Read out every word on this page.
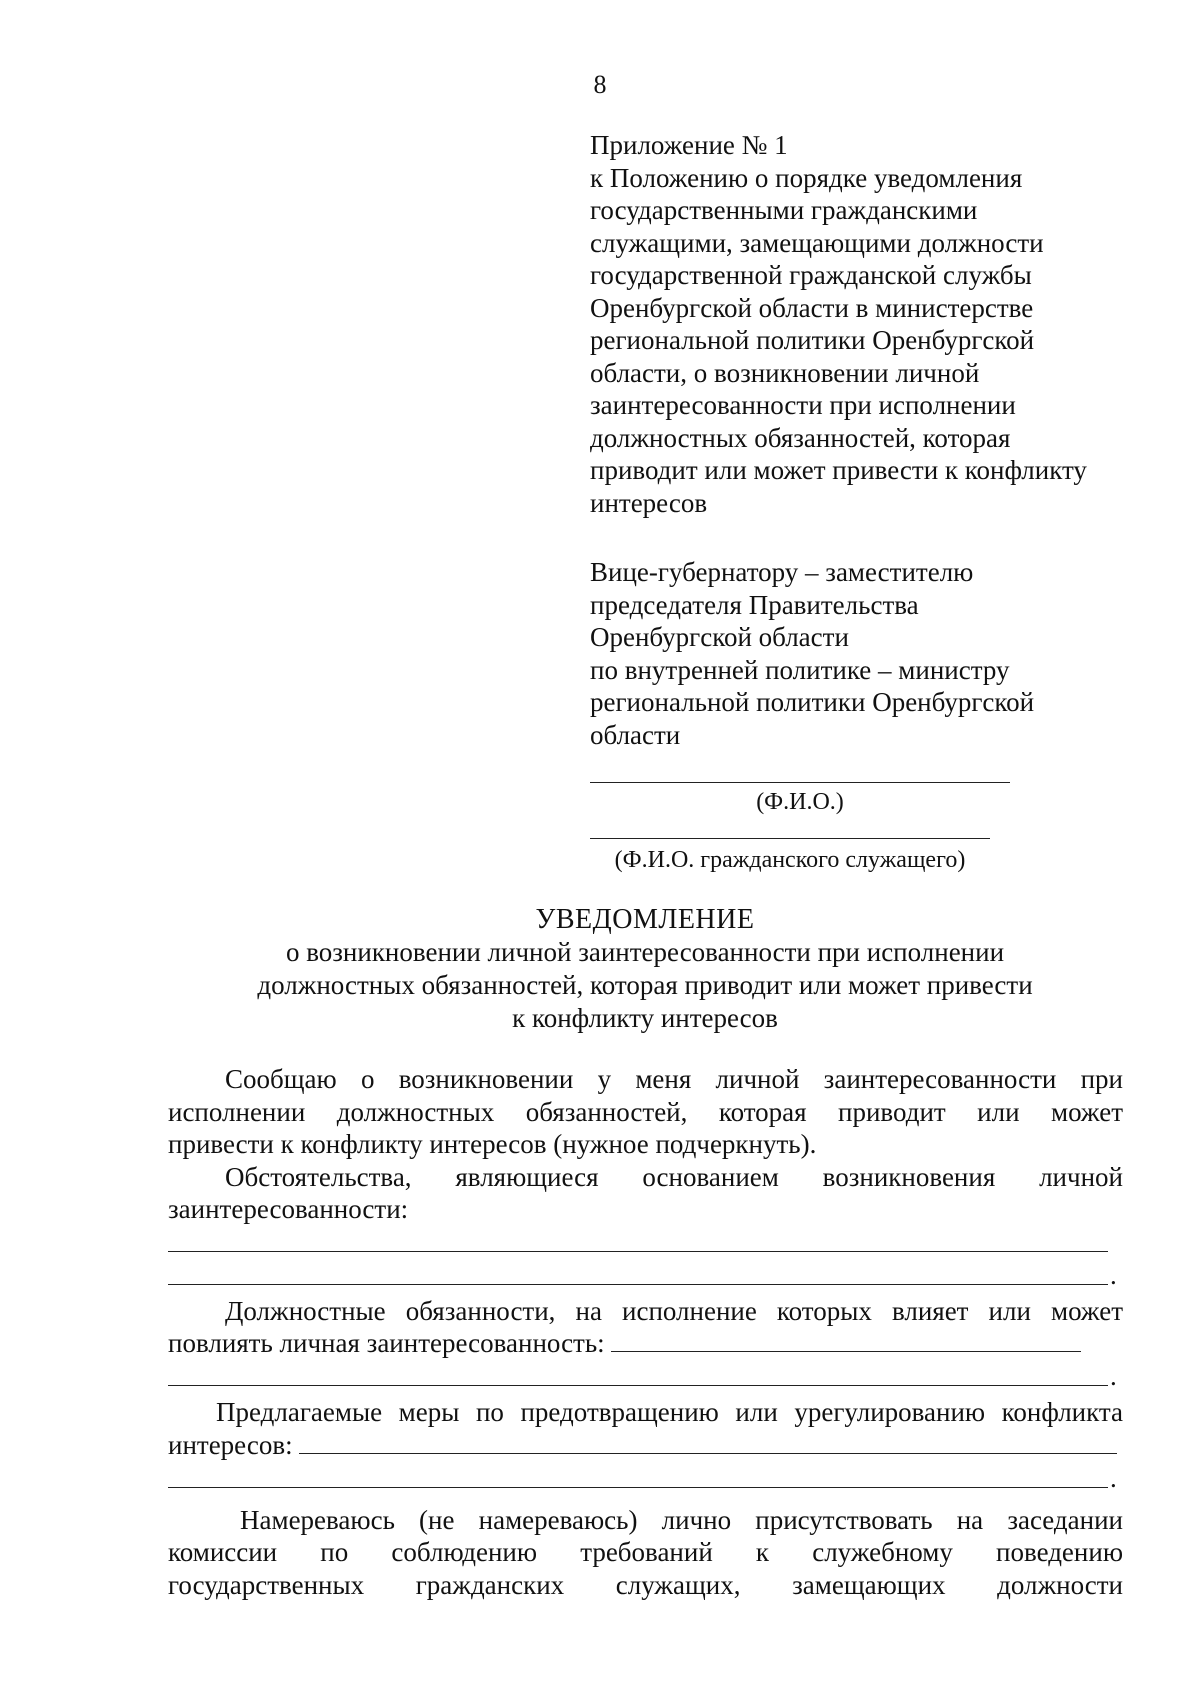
8
Приложение № 1
к Положению о порядке уведомления
государственными гражданскими
служащими, замещающими должности
государственной гражданской службы
Оренбургской области в министерстве
региональной политики Оренбургской
области, о возникновении личной
заинтересованности при исполнении
должностных обязанностей, которая
приводит или может привести к конфликту
интересов
Вице-губернатору – заместителю
председателя Правительства
Оренбургской области
по внутренней политике – министру
региональной политики Оренбургской
области
(Ф.И.О.)
(Ф.И.О. гражданского служащего)
УВЕДОМЛЕНИЕ
о возникновении личной заинтересованности при исполнении
должностных обязанностей, которая приводит или может привести
к конфликту интересов
Сообщаю о возникновении у меня личной заинтересованности при
исполнении должностных обязанностей, которая приводит или может
привести к конфликту интересов (нужное подчеркнуть).
Обстоятельства, являющиеся основанием возникновения личной
заинтересованности:
.
Должностные обязанности, на исполнение которых влияет или может
повлиять личная заинтересованность:
.
Предлагаемые меры по предотвращению или урегулированию конфликта
интересов:
.
Намереваюсь (не намереваюсь) лично присутствовать на заседании
комиссии по соблюдению требований к служебному поведению
государственных гражданских служащих, замещающих должности
